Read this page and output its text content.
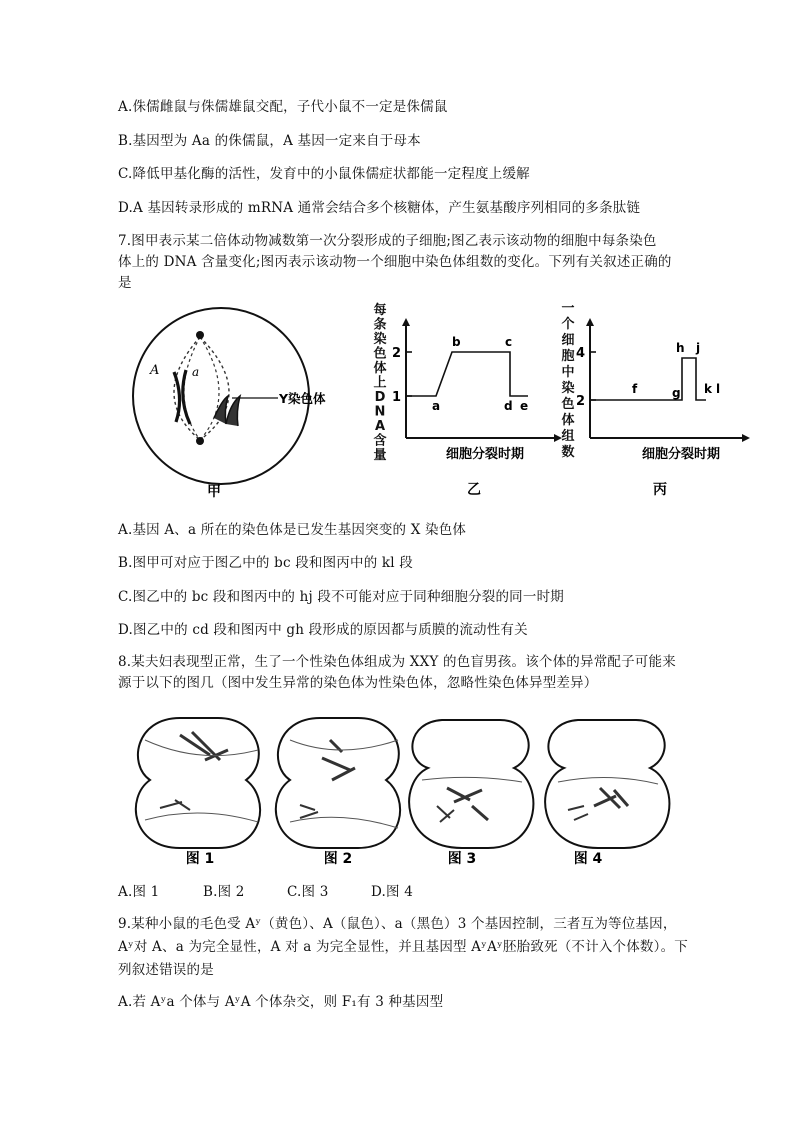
A.侏儒雌鼠与侏儒雄鼠交配，子代小鼠不一定是侏儒鼠
B.基因型为 Aa 的侏儒鼠，A 基因一定来自于母本
C.降低甲基化酶的活性，发育中的小鼠侏儒症状都能一定程度上缓解
D.A 基因转录形成的 mRNA 通常会结合多个核糖体，产生氨基酸序列相同的多条肽链
7.图甲表示某二倍体动物减数第一次分裂形成的子细胞;图乙表示该动物的细胞中每条染色
体上的 DNA 含量变化;图丙表示该动物一个细胞中染色体组数的变化。下列有关叙述正确的
是
A	a
Y染色体
甲
每
条
染
色
体
上
D
N
A
含
量
2
1
a
b	c
d e
细胞分裂时期
乙
一
个
细
胞
中
染
色
体
组
数
4
2
f	g
h j
k l
细胞分裂时期
丙
A.基因 A、a 所在的染色体是已发生基因突变的 X 染色体
B.图甲可对应于图乙中的 bc 段和图丙中的 kl 段
C.图乙中的 bc 段和图丙中的 hj 段不可能对应于同种细胞分裂的同一时期
D.图乙中的 cd 段和图丙中 gh 段形成的原因都与质膜的流动性有关
8.某夫妇表现型正常，生了一个性染色体组成为 XXY 的色盲男孩。该个体的异常配子可能来
源于以下的图几（图中发生异常的染色体为性染色体，忽略性染色体异型差异）
图 1	图 2	图 3	图 4
A.图 1	B.图 2	C.图 3	D.图 4
9.某种小鼠的毛色受 Aʸ（黄色）、A（鼠色）、a（黑色）3 个基因控制，三者互为等位基因，
Aʸ对 A、a 为完全显性，A 对 a 为完全显性，并且基因型 AʸAʸ胚胎致死（不计入个体数）。下
列叙述错误的是
A.若 Aʸa 个体与 AʸA 个体杂交，则 F₁有 3 种基因型
